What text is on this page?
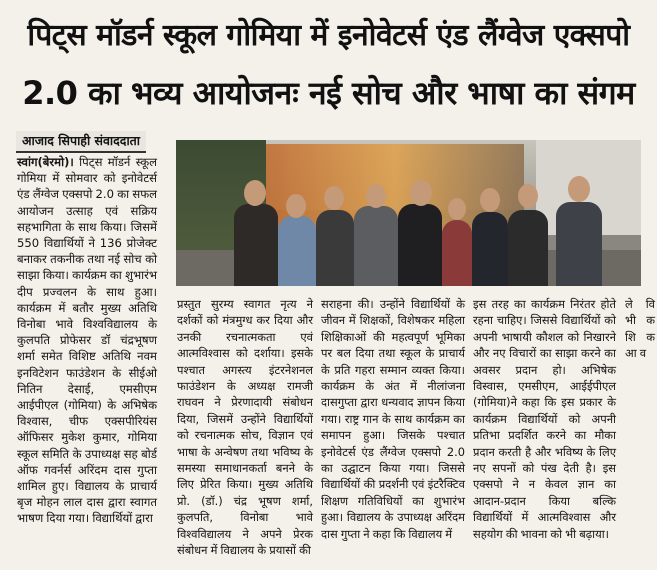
पिट्स मॉडर्न स्कूल गोमिया में इनोवेटर्स एंड लैंग्वेज एक्सपो
2.0 का भव्य आयोजनः नई सोच और भाषा का संगम
आजाद सिपाही संवाददाता
स्वांग(बेरमो)। पिट्स मॉडर्न स्कूल गोमिया में सोमवार को इनोवेटर्स एंड लैंग्वेज एक्सपो 2.0 का सफल आयोजन उत्साह एवं सक्रिय सहभागिता के साथ किया। जिसमें 550 विद्यार्थियों ने 136 प्रोजेक्ट बनाकर तकनीक तथा नई सोच को साझा किया। कार्यक्रम का शुभारंभ दीप प्रज्वलन के साथ हुआ। कार्यक्रम में बतौर मुख्य अतिथि विनोबा भावे विश्वविद्यालय के कुलपति प्रोफेसर डॉ चंद्रभूषण शर्मा समेत विशिष्ट अतिथि नवम इनविटेशन फाउंडेशन के सीईओ नितिन देसाई, एमसीएम आईपीएल (गोमिया) के अभिषेक विश्वास, चीफ एक्सपीरियंस ऑफिसर मुकेश कुमार, गोमिया स्कूल समिति के उपाध्यक्ष सह बोर्ड ऑफ गवर्नर्स अरिंदम दास गुप्ता शामिल हुए। विद्यालय के प्राचार्य बृज मोहन लाल दास द्वारा स्वागत भाषण दिया गया। विद्यार्थियों द्वारा
प्रस्तुत सुरम्य स्वागत नृत्य ने दर्शकों को मंत्रमुग्ध कर दिया और उनकी रचनात्मकता एवं आत्मविश्वास को दर्शाया। इसके पश्चात अगस्त्य इंटरनेशनल फाउंडेशन के अध्यक्ष रामजी राघवन ने प्रेरणादायी संबोधन दिया, जिसमें उन्होंने विद्यार्थियों को रचनात्मक सोच, विज्ञान एवं भाषा के अन्वेषण तथा भविष्य के समस्या समाधानकर्ता बनने के लिए प्रेरित किया। मुख्य अतिथि प्रो. (डॉ.) चंद्र भूषण शर्मा, कुलपति, विनोबा भावे विश्वविद्यालय ने अपने प्रेरक संबोधन में विद्यालय के प्रयासों की
सराहना की। उन्होंने विद्यार्थियों के जीवन में शिक्षकों, विशेषकर महिला शिक्षिकाओं की महत्वपूर्ण भूमिका पर बल दिया तथा स्कूल के प्राचार्य के प्रति गहरा सम्मान व्यक्त किया। कार्यक्रम के अंत में नीलांजना दासगुप्ता द्वारा धन्यवाद ज्ञापन किया गया। राष्ट्र गान के साथ कार्यक्रम का समापन हुआ। जिसके पश्चात इनोवेटर्स एंड लैंग्वेज एक्सपो 2.0 का उद्घाटन किया गया। जिससे विद्यार्थियों की प्रदर्शनी एवं इंटरैक्टिव शिक्षण गतिविधियों का शुभारंभ हुआ। विद्यालय के उपाध्यक्ष अरिंदम दास गुप्ता ने कहा कि विद्यालय में
इस तरह का कार्यक्रम निरंतर होते रहना चाहिए। जिससे विद्यार्थियों को अपनी भाषायी कौशल को निखारने और नए विचारों का साझा करने का अवसर प्रदान हो। अभिषेक विस्वास, एमसीएम, आईईपीएल (गोमिया)ने कहा कि इस प्रकार के कार्यक्रम विद्यार्थियों को अपनी प्रतिभा प्रदर्शित करने का मौका प्रदान करती है और भविष्य के लिए नए सपनों को पंख देती है। इस एक्सपो ने न केवल ज्ञान का आदान-प्रदान किया बल्कि विद्यार्थियों में आत्मविश्वास और सहयोग की भावना को भी बढ़ाया।
ले वि भी क शि क आ व
